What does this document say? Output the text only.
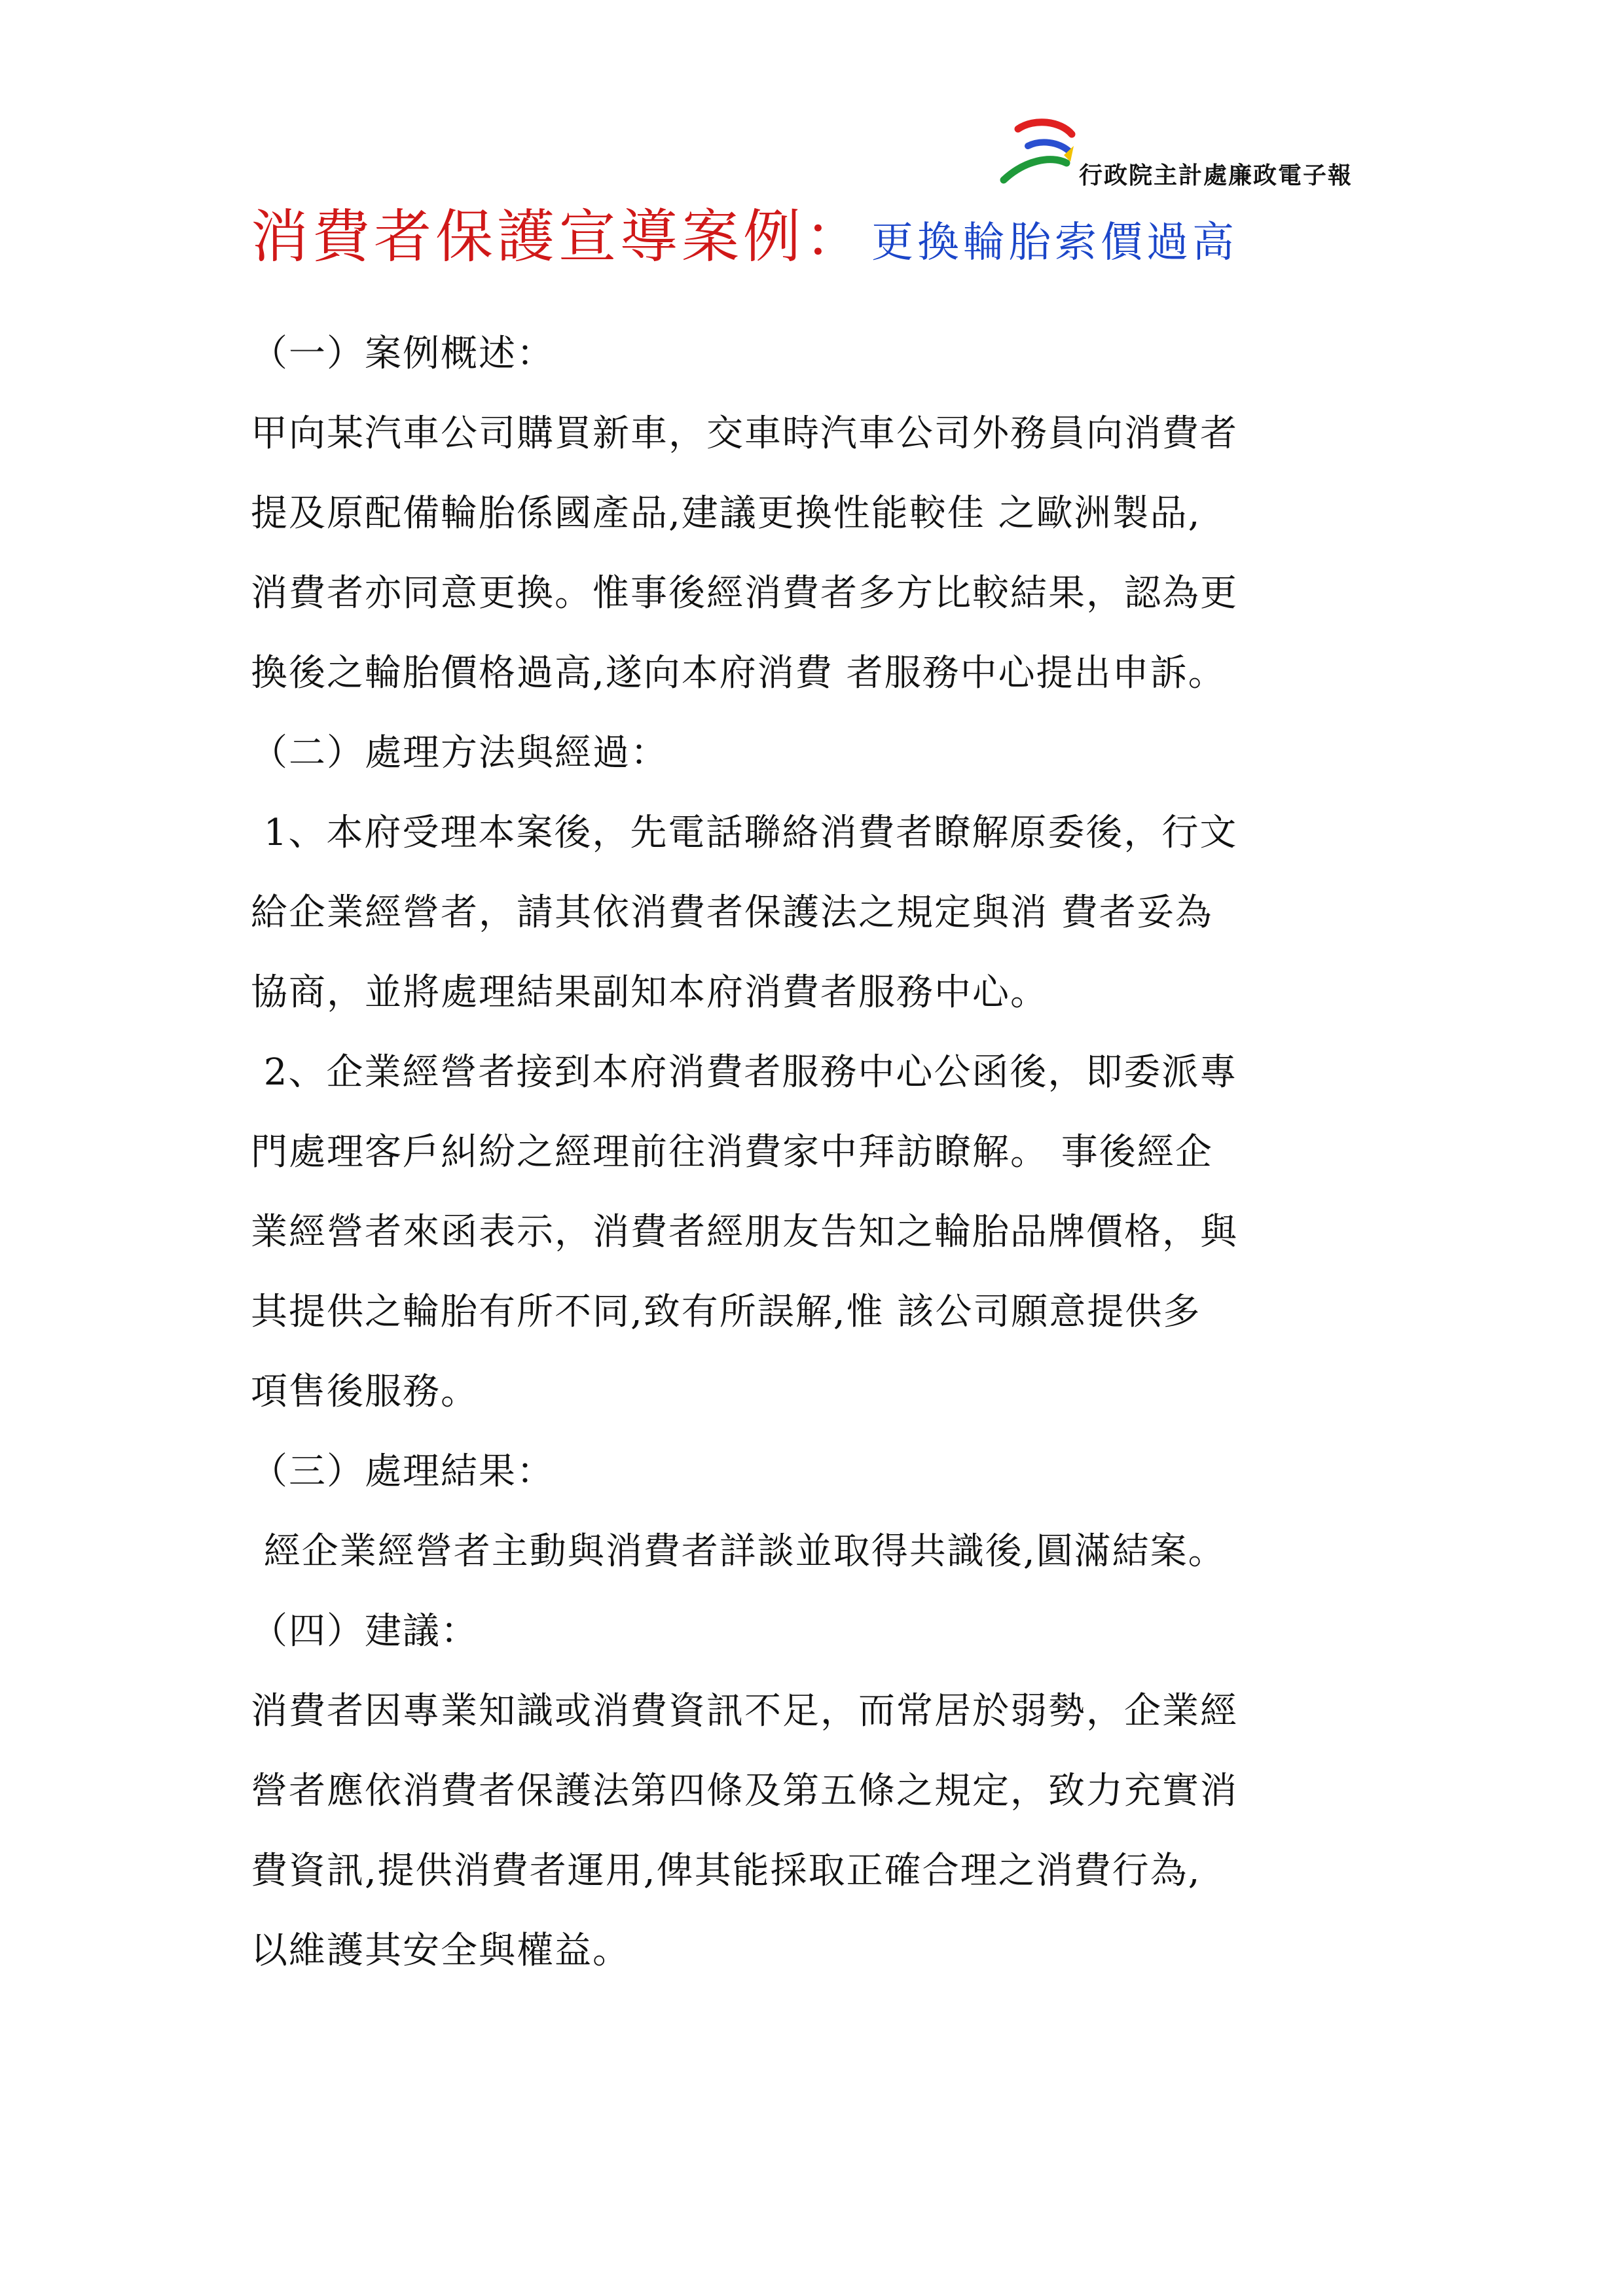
行政院主計處廉政電子報
消費者保護宣導案例： 更換輪胎索價過高
（一）案例概述：
甲向某汽車公司購買新車，交車時汽車公司外務員向消費者
提及原配備輪胎係國產品,建議更換性能較佳 之歐洲製品,
消費者亦同意更換。惟事後經消費者多方比較結果，認為更
換後之輪胎價格過高,遂向本府消費 者服務中心提出申訴。
（二）處理方法與經過：
1、本府受理本案後，先電話聯絡消費者瞭解原委後，行文
給企業經營者，請其依消費者保護法之規定與消 費者妥為
協商，並將處理結果副知本府消費者服務中心。
2、企業經營者接到本府消費者服務中心公函後，即委派專
門處理客戶糾紛之經理前往消費家中拜訪瞭解。 事後經企
業經營者來函表示，消費者經朋友告知之輪胎品牌價格，與
其提供之輪胎有所不同,致有所誤解,惟 該公司願意提供多
項售後服務。
（三）處理結果：
經企業經營者主動與消費者詳談並取得共識後,圓滿結案。
（四）建議：
消費者因專業知識或消費資訊不足，而常居於弱勢，企業經
營者應依消費者保護法第四條及第五條之規定，致力充實消
費資訊,提供消費者運用,俾其能採取正確合理之消費行為,
以維護其安全與權益。
